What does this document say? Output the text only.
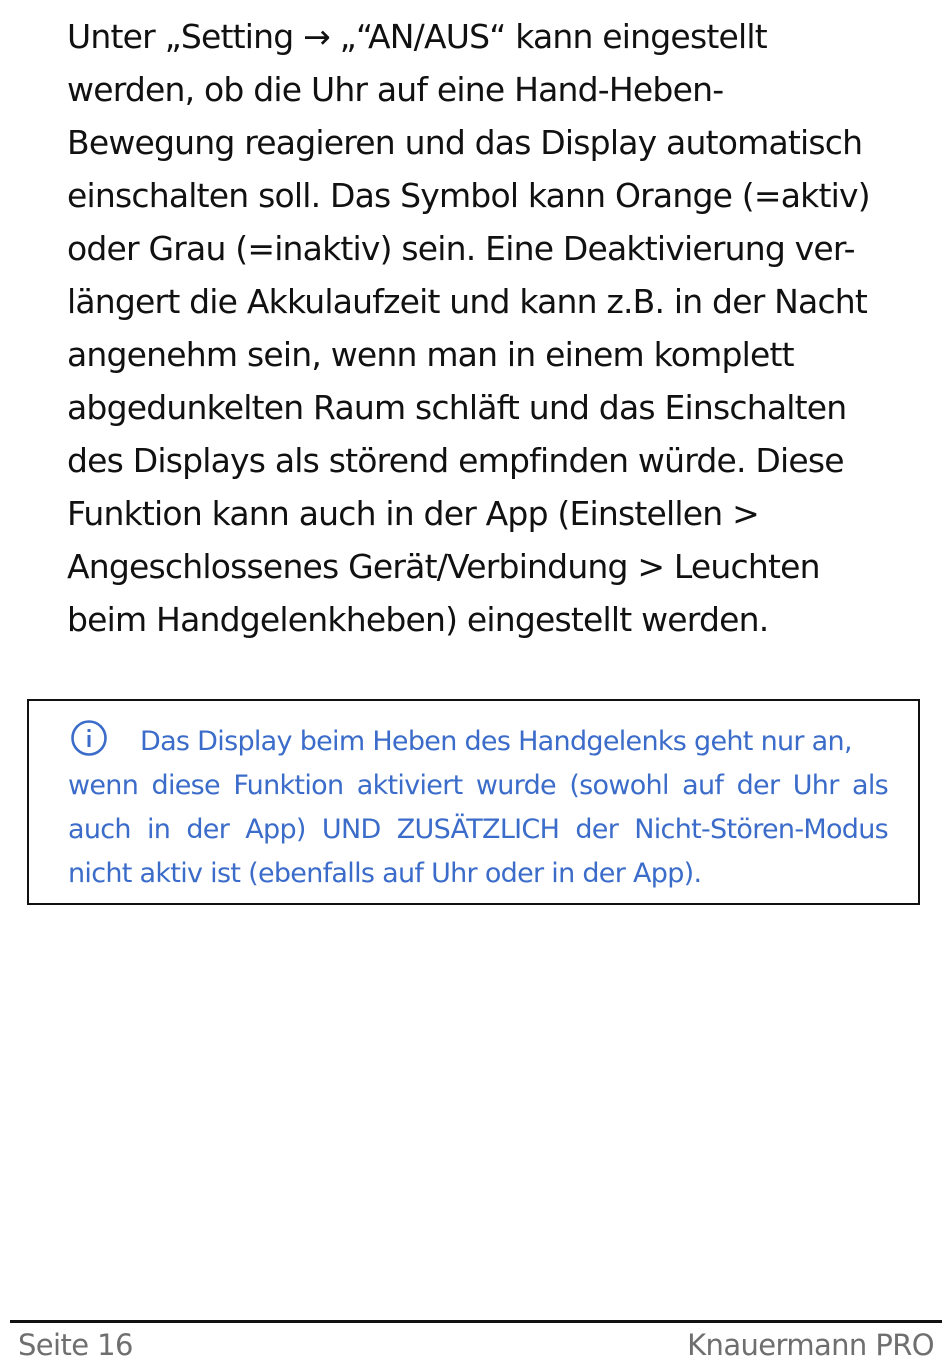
Unter „Setting → „“AN/AUS“ kann eingestellt
werden, ob die Uhr auf eine Hand-Heben-
Bewegung reagieren und das Display automatisch
einschalten soll. Das Symbol kann Orange (=aktiv)
oder Grau (=inaktiv) sein. Eine Deaktivierung ver-
längert die Akkulaufzeit und kann z.B. in der Nacht
angenehm sein, wenn man in einem komplett
abgedunkelten Raum schläft und das Einschalten
des Displays als störend empfinden würde. Diese
Funktion kann auch in der App (Einstellen >
Angeschlossenes Gerät/Verbindung > Leuchten
beim Handgelenkheben) eingestellt werden.

Das Display beim Heben des Handgelenks geht nur an,
wenn diese Funktion aktiviert wurde (sowohl auf der Uhr als
auch in der App) UND ZUSÄTZLICH der Nicht-Stören-Modus
nicht aktiv ist (ebenfalls auf Uhr oder in der App).

Seite 16	Knauermann PRO
